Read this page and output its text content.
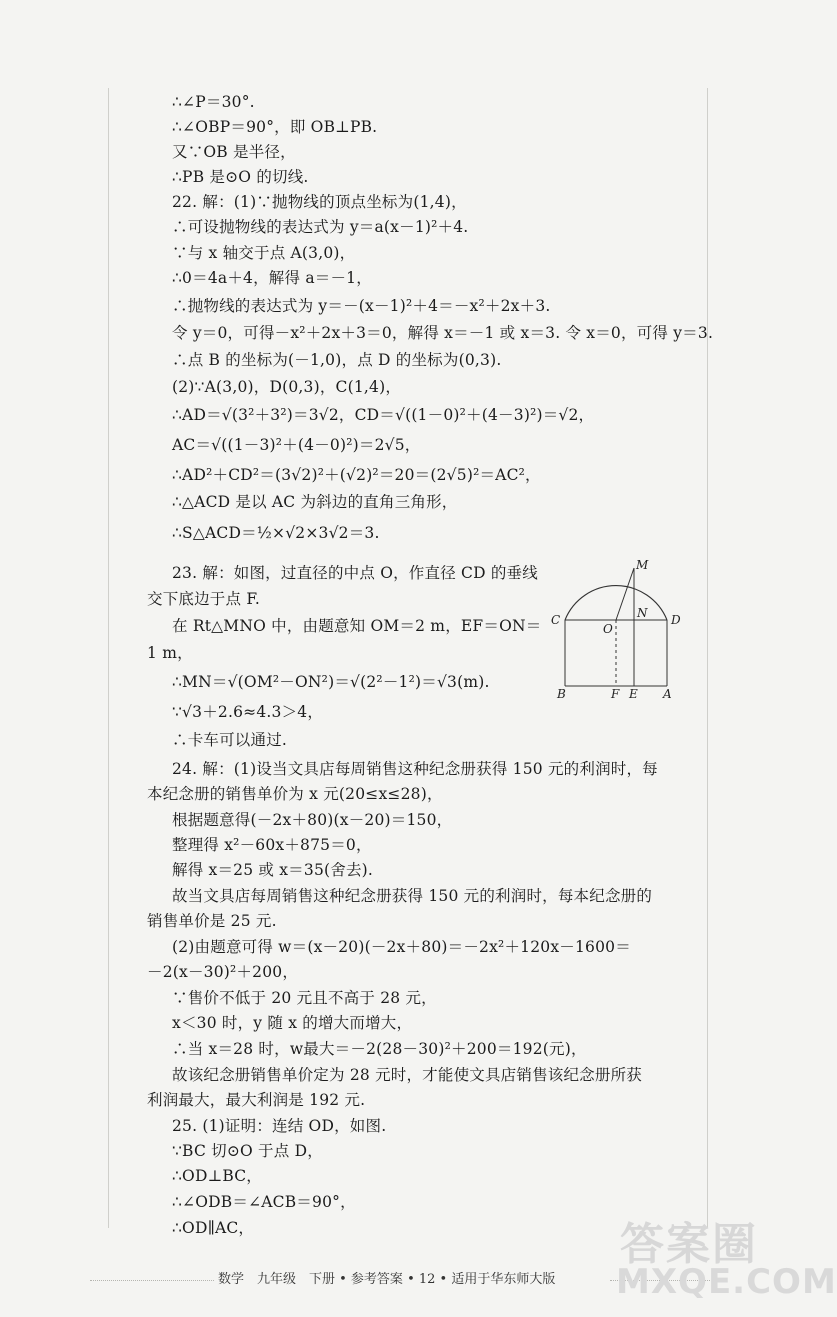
∴∠P＝30°.
∴∠OBP＝90°，即 OB⊥PB.
又∵OB 是半径，
∴PB 是⊙O 的切线.
22. 解：(1)∵抛物线的顶点坐标为(1,4)，
∴可设抛物线的表达式为 y＝a(x－1)²＋4.
∵与 x 轴交于点 A(3,0)，
∴0＝4a＋4，解得 a＝－1，
∴抛物线的表达式为 y＝－(x－1)²＋4＝－x²＋2x＋3.
令 y＝0，可得－x²＋2x＋3＝0，解得 x＝－1 或 x＝3. 令 x＝0，可得 y＝3.
∴点 B 的坐标为(－1,0)，点 D 的坐标为(0,3).
(2)∵A(3,0)，D(0,3)，C(1,4)，
∴AD＝√(3²＋3²)＝3√2，CD＝√((1－0)²＋(4－3)²)＝√2，
AC＝√((1－3)²＋(4－0)²)＝2√5，
∴AD²＋CD²＝(3√2)²＋(√2)²＝20＝(2√5)²＝AC²，
∴△ACD 是以 AC 为斜边的直角三角形，
∴S△ACD＝½×√2×3√2＝3.
23. 解：如图，过直径的中点 O，作直径 CD 的垂线
交下底边于点 F.
在 Rt△MNO 中，由题意知 OM＝2 m，EF＝ON＝
1 m，
∴MN＝√(OM²－ON²)＝√(2²－1²)＝√3(m).
∵√3＋2.6≈4.3＞4，
∴卡车可以通过.
24. 解：(1)设当文具店每周销售这种纪念册获得 150 元的利润时，每
本纪念册的销售单价为 x 元(20≤x≤28)，
根据题意得(－2x＋80)(x－20)＝150，
整理得 x²－60x＋875＝0，
解得 x＝25 或 x＝35(舍去).
故当文具店每周销售这种纪念册获得 150 元的利润时，每本纪念册的
销售单价是 25 元.
(2)由题意可得 w＝(x－20)(－2x＋80)＝－2x²＋120x－1600＝
－2(x－30)²＋200，
∵售价不低于 20 元且不高于 28 元，
x＜30 时，y 随 x 的增大而增大，
∴当 x＝28 时，w最大＝－2(28－30)²＋200＝192(元)，
故该纪念册销售单价定为 28 元时，才能使文具店销售该纪念册所获
利润最大，最大利润是 192 元.
25. (1)证明：连结 OD，如图.
∵BC 切⊙O 于点 D，
∴OD⊥BC，
∴∠ODB＝∠ACB＝90°，
∴OD∥AC，
M
N
C
O
D
B	F E A
数学　九年级　下册 • 参考答案 • 12 • 适用于华东师大版
答案圈
MXQE.COM
